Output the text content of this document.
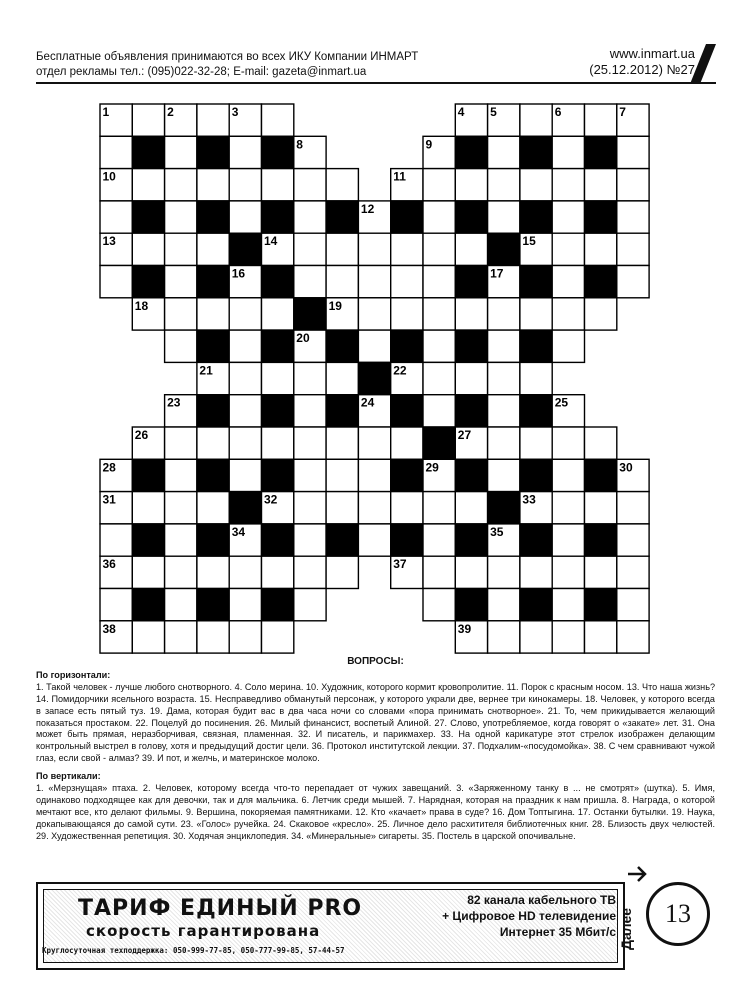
Бесплатные объявления принимаются во всех ИКУ Компании ИНМАРТ
отдел рекламы тел.: (095)022-32-28; E-mail: gazeta@inmart.ua
www.inmart.ua
(25.12.2012) №27
1	2	3	4 5	6	7
8	9
10	11
12
13	14	15
16	17
18	19
20
21	22
23	24	25
26	27
28	29	30
31	32	33
34	35
36	37
38	39
ВОПРОСЫ:
По горизонтали:

1. Такой человек - лучше любого снотворного. 4. Соло мерина. 10. Художник, которого кормит кровопролитие. 11. Порок с красным носом. 13. Что наша жизнь? 14. Помидорчики ясельного возраста. 15. Несправедливо обманутый персонаж, у которого украли две, вернее три кинокамеры. 18. Человек, у которого всегда в запасе есть пятый туз. 19. Дама, которая будит вас в два часа ночи со словами «пора принимать снотворное». 21. То, чем прикидывается желающий показаться простаком. 22. Поцелуй до посинения. 26. Милый финансист, воспетый Алиной. 27. Слово, употребляемое, когда говорят о «закате» лет. 31. Она может быть прямая, неразборчивая, связная, пламенная. 32. И писатель, и парикмахер. 33. На одной карикатуре этот стрелок изображен делающим контрольный выстрел в голову, хотя и предыдущий достиг цели. 36. Протокол институтской лекции. 37. Подхалим-«посудомойка». 38. С чем сравнивают чужой глаз, если свой - алмаз? 39. И пот, и желчь, и материнское молоко.

По вертикали:

1. «Мерзнущая» птаха. 2. Человек, которому всегда что-то перепадает от чужих завещаний. 3. «Заряженному танку в ... не смотрят» (шутка). 5. Имя, одинаково подходящее как для девочки, так и для мальчика. 6. Летчик среди мышей. 7. Нарядная, которая на праздник к нам пришла. 8. Награда, о которой мечтают все, кто делают фильмы. 9. Вершина, покоряемая памятниками. 12. Кто «качает» права в суде? 16. Дом Топтыгина. 17. Останки бутылки. 19. Наука, докапывающаяся до самой сути. 23. «Голос» ручейка. 24. Скаковое «кресло». 25. Личное дело расхитителя библиотечных книг. 28. Близость двух челюстей. 29. Художественная репетиция. 30. Ходячая энциклопедия. 34. «Минеральные» сигареты. 35. Постель в царской опочивальне.

ТАРИФ ЕДИНЫЙ PRO
скорость гарантирована
Круглосуточная техподдержка: 050-999-77-85, 050-777-99-85, 57-44-57
82 канала кабельного ТВ
+ Цифровое HD телевидение
Интернет 35 Мбит/с Далее	13
